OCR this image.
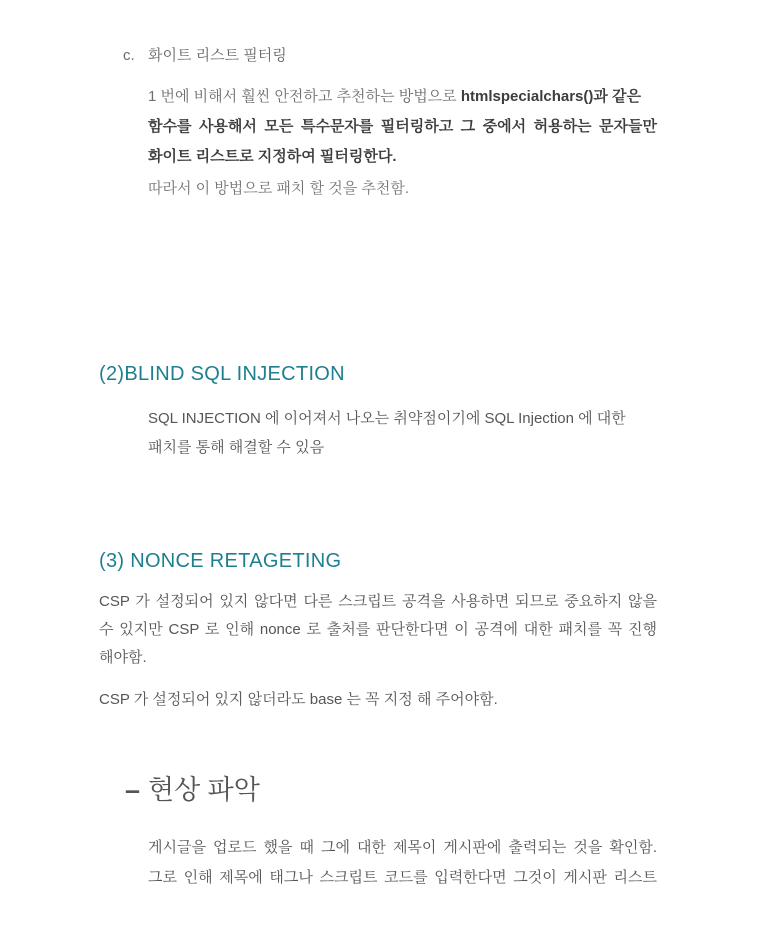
c. 화이트 리스트 필터링
1 번에 비해서 훨씬 안전하고 추천하는 방법으로 htmlspecialchars()과 같은
함수를 사용해서 모든 특수문자를 필터링하고 그 중에서 허용하는 문자들만
화이트 리스트로 지정하여 필터링한다.
따라서 이 방법으로 패치 할 것을 추천함.
(2)BLIND SQL INJECTION
SQL INJECTION 에 이어져서 나오는 취약점이기에 SQL Injection 에 대한
패치를 통해 해결할 수 있음
(3) NONCE RETAGETING
CSP 가 설정되어 있지 않다면 다른 스크립트 공격을 사용하면 되므로 중요하지 않을
수 있지만 CSP 로 인해 nonce 로 출처를 판단한다면 이 공격에 대한 패치를 꼭 진행
해야함.
CSP 가 설정되어 있지 않더라도 base 는 꼭 지정 해 주어야함.
– 현상 파악
게시글을 업로드 했을 때 그에 대한 제목이 게시판에 출력되는 것을 확인함.
그로 인해 제목에 태그나 스크립트 코드를 입력한다면 그것이 게시판 리스트
